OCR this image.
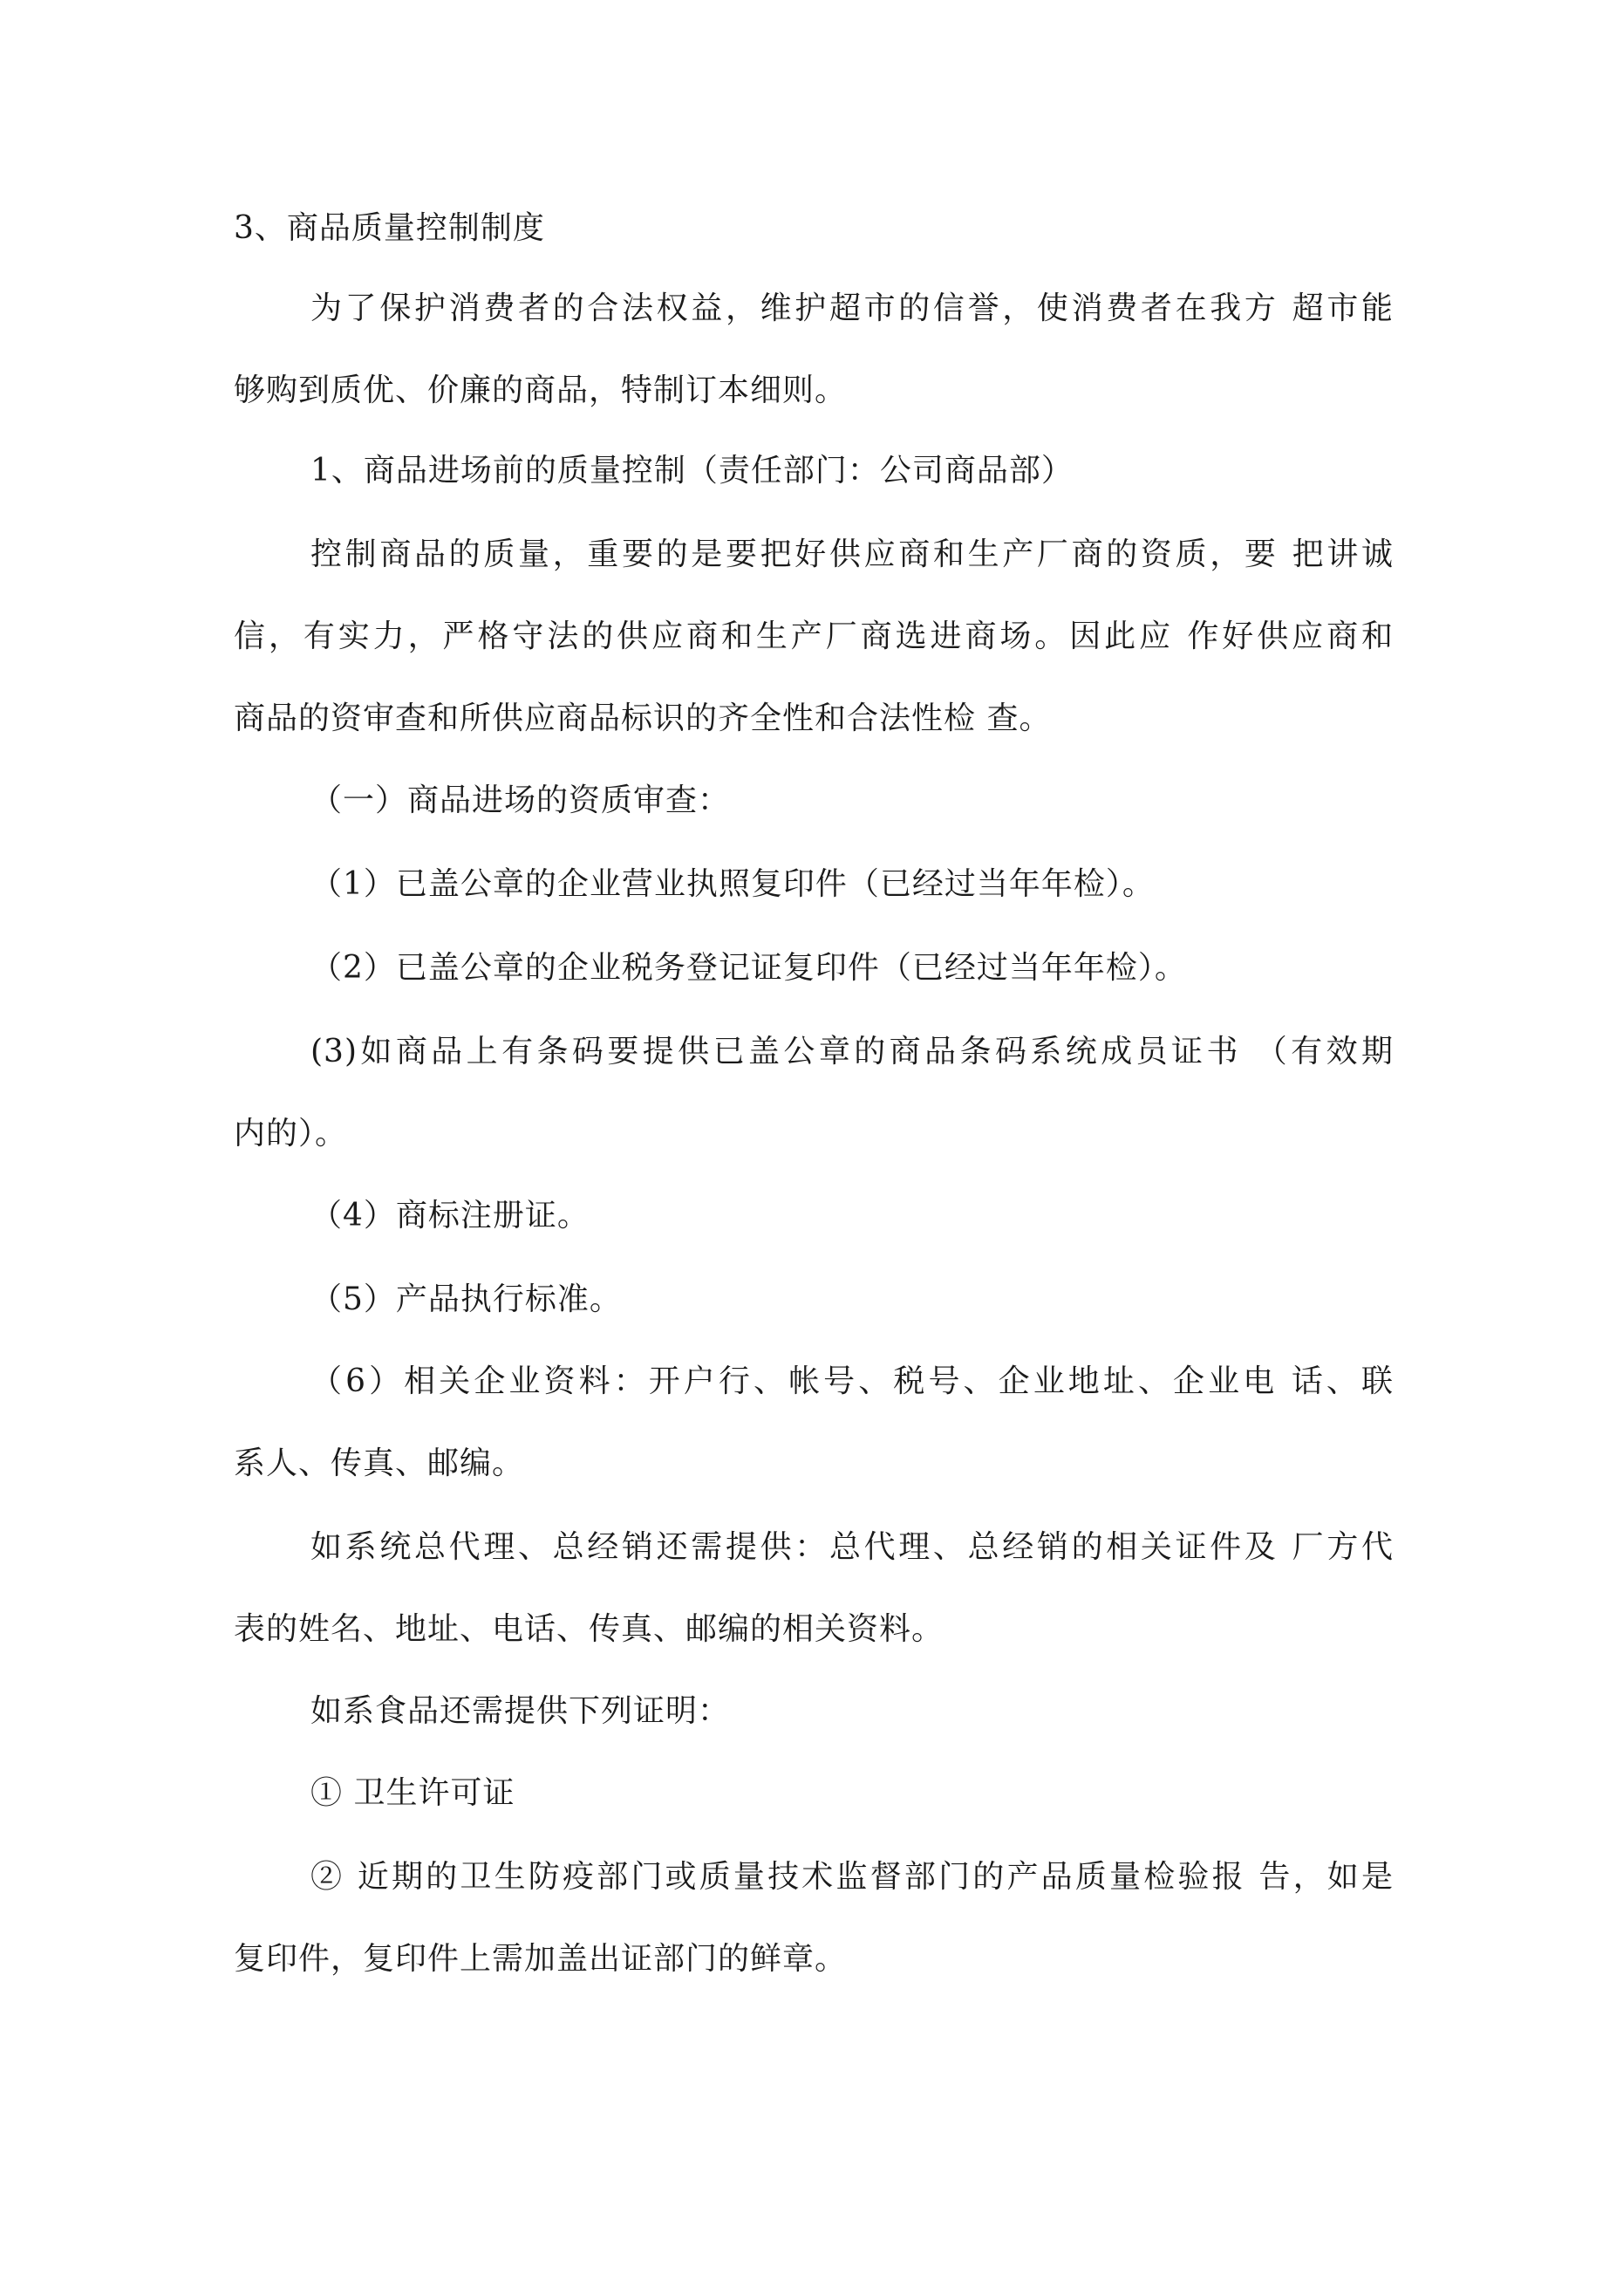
3、商品质量控制制度
为了保护消费者的合法权益，维护超市的信誉，使消费者在我方 超市能
够购到质优、价廉的商品，特制订本细则。
1、商品进场前的质量控制（责任部门：公司商品部）
控制商品的质量，重要的是要把好供应商和生产厂商的资质，要 把讲诚
信，有实力，严格守法的供应商和生产厂商选进商场。因此应 作好供应商和
商品的资审查和所供应商品标识的齐全性和合法性检 查。
（一）商品进场的资质审查：
（1）已盖公章的企业营业执照复印件（已经过当年年检）。
（2）已盖公章的企业税务登记证复印件（已经过当年年检）。
(3)如商品上有条码要提供已盖公章的商品条码系统成员证书 （有效期
内的）。
（4）商标注册证。
（5）产品执行标准。
（6）相关企业资料：开户行、帐号、税号、企业地址、企业电 话、联
系人、传真、邮编。
如系统总代理、总经销还需提供：总代理、总经销的相关证件及 厂方代
表的姓名、地址、电话、传真、邮编的相关资料。
如系食品还需提供下列证明：
① 卫生许可证
② 近期的卫生防疫部门或质量技术监督部门的产品质量检验报 告，如是
复印件，复印件上需加盖出证部门的鲜章。
